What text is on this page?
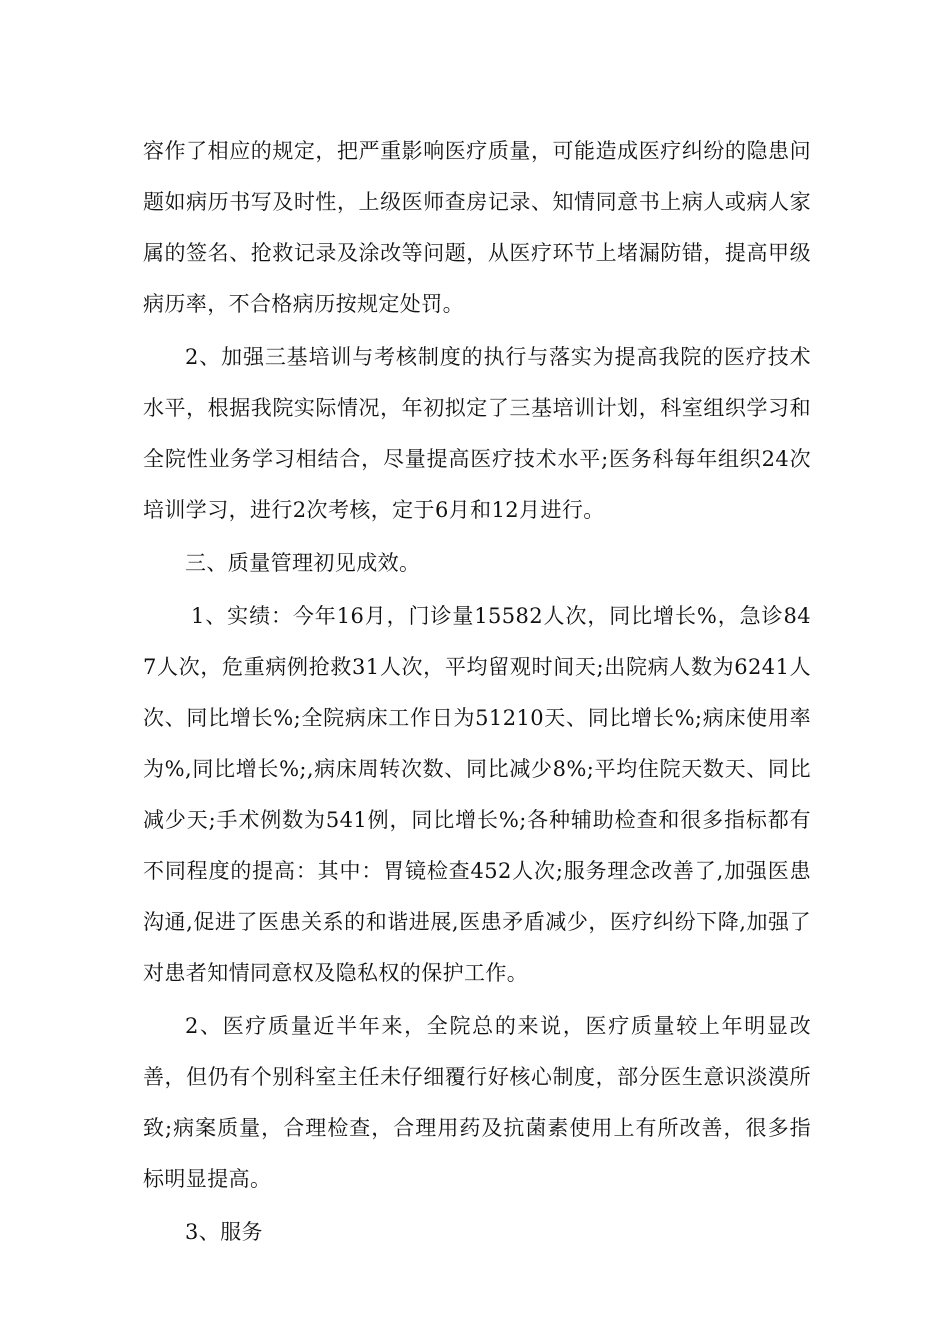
容作了相应的规定，把严重影响医疗质量，可能造成医疗纠纷的隐患问题如病历书写及时性，上级医师查房记录、知情同意书上病人或病人家属的签名、抢救记录及涂改等问题，从医疗环节上堵漏防错，提高甲级病历率，不合格病历按规定处罚。

2、加强三基培训与考核制度的执行与落实为提高我院的医疗技术水平，根据我院实际情况，年初拟定了三基培训计划，科室组织学习和全院性业务学习相结合，尽量提高医疗技术水平;医务科每年组织24次培训学习，进行2次考核，定于6月和12月进行。

三、质量管理初见成效。

1、实绩：今年16月，门诊量15582人次，同比增长%，急诊847人次，危重病例抢救31人次，平均留观时间天;出院病人数为6241人次、同比增长%;全院病床工作日为51210天、同比增长%;病床使用率为%,同比增长%;,病床周转次数、同比减少8%;平均住院天数天、同比减少天;手术例数为541例，同比增长%;各种辅助检查和很多指标都有不同程度的提高：其中：胃镜检查452人次;服务理念改善了,加强医患沟通,促进了医患关系的和谐进展,医患矛盾减少，医疗纠纷下降,加强了对患者知情同意权及隐私权的保护工作。

2、医疗质量近半年来，全院总的来说，医疗质量较上年明显改善，但仍有个别科室主任未仔细覆行好核心制度，部分医生意识淡漠所致;病案质量，合理检查，合理用药及抗菌素使用上有所改善，很多指标明显提高。

3、服务
